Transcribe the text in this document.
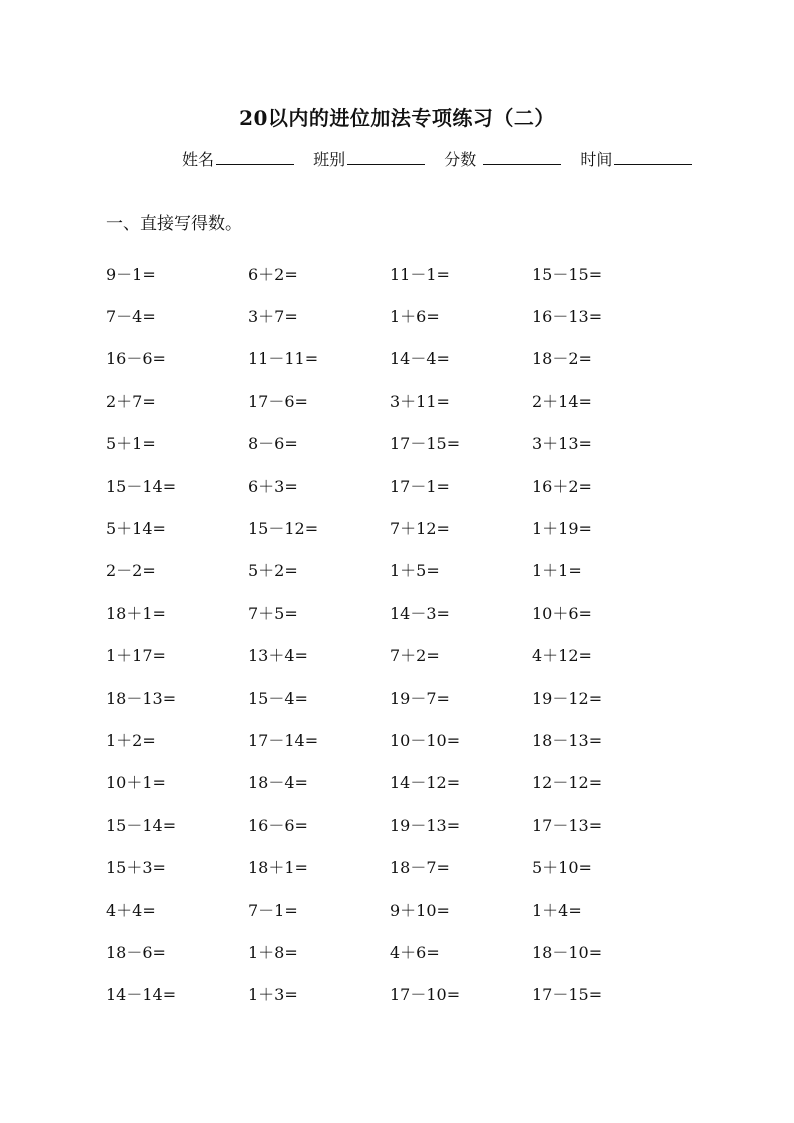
20以内的进位加法专项练习（二）
姓名	班别	分数	时间
一、直接写得数。
9－1=	6＋2=	11－1=	15－15=
7－4=	3＋7=	1＋6=	16－13=
16－6=	11－11=	14－4=	18－2=
2＋7=	17－6=	3＋11=	2＋14=
5＋1=	8－6=	17－15=	3＋13=
15－14=	6＋3=	17－1=	16＋2=
5＋14=	15－12=	7＋12=	1＋19=
2－2=	5＋2=	1＋5=	1＋1=
18＋1=	7＋5=	14－3=	10＋6=
1＋17=	13＋4=	7＋2=	4＋12=
18－13=	15－4=	19－7=	19－12=
1＋2=	17－14=	10－10=	18－13=
10＋1=	18－4=	14－12=	12－12=
15－14=	16－6=	19－13=	17－13=
15＋3=	18＋1=	18－7=	5＋10=
4＋4=	7－1=	9＋10=	1＋4=
18－6=	1＋8=	4＋6=	18－10=
14－14=	1＋3=	17－10=	17－15=
